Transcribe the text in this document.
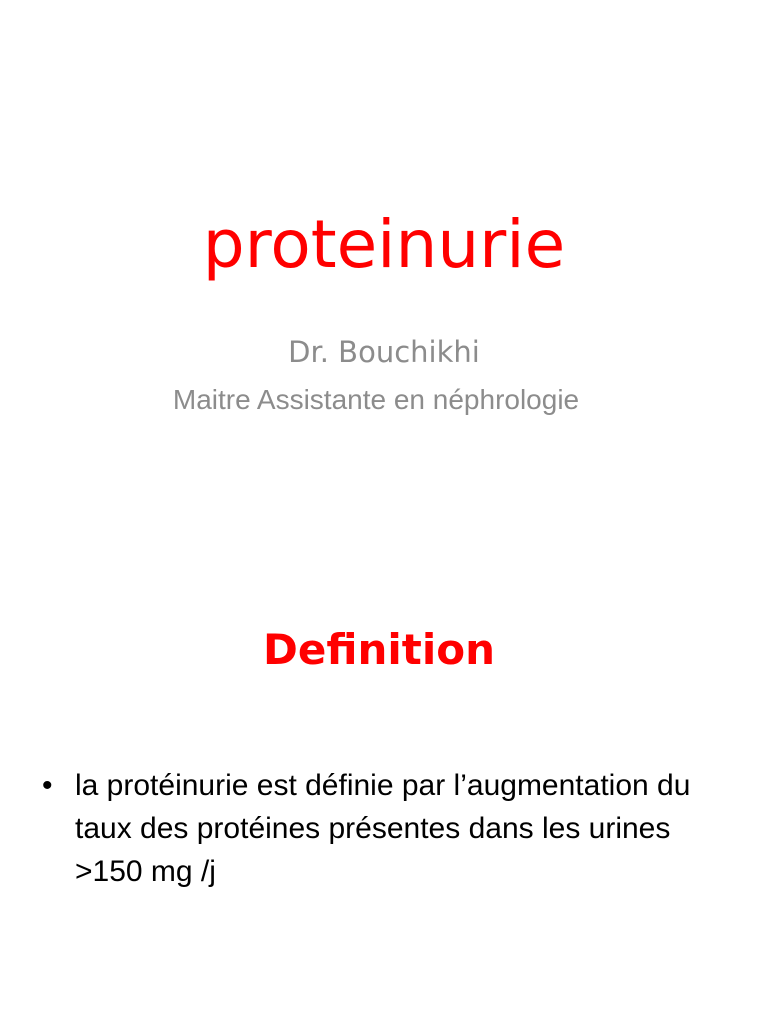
proteinurie
Dr. Bouchikhi
Maitre Assistante en néphrologie
Definition
• la protéinurie est définie par l’augmentation du taux des protéines présentes dans les urines >150 mg /j
